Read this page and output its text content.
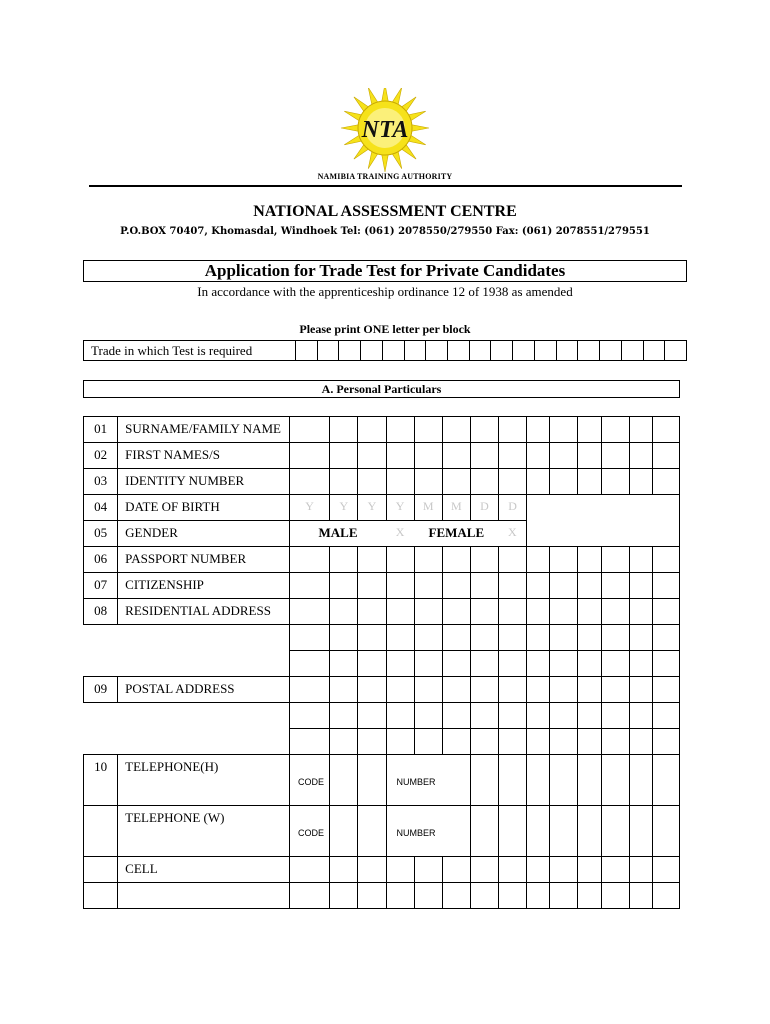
NTA
NAMIBIA TRAINING AUTHORITY
NATIONAL ASSESSMENT CENTRE
P.O.BOX 70407, Khomasdal, Windhoek Tel: (061) 2078550/279550 Fax: (061) 2078551/279551
Application for Trade Test for Private Candidates
In accordance with the apprenticeship ordinance 12 of 1938 as amended
Please print ONE letter per block
Trade in which Test is required
A. Personal Particulars
01	SURNAME/FAMILY NAME														
02	FIRST NAMES/S														
03	IDENTITY NUMBER														
04	DATE OF BIRTH	Y	Y	Y	Y	M	M	D	D						
05	GENDER	MALE			X	FEMALE			X						
06	PASSPORT NUMBER														
07	CITIZENSHIP														
08	RESIDENTIAL ADDRESS														

09	POSTAL ADDRESS														

10	TELEPHONE(H)	CODE			NUMBER										
	TELEPHONE (W)	CODE			NUMBER										
	CELL														
